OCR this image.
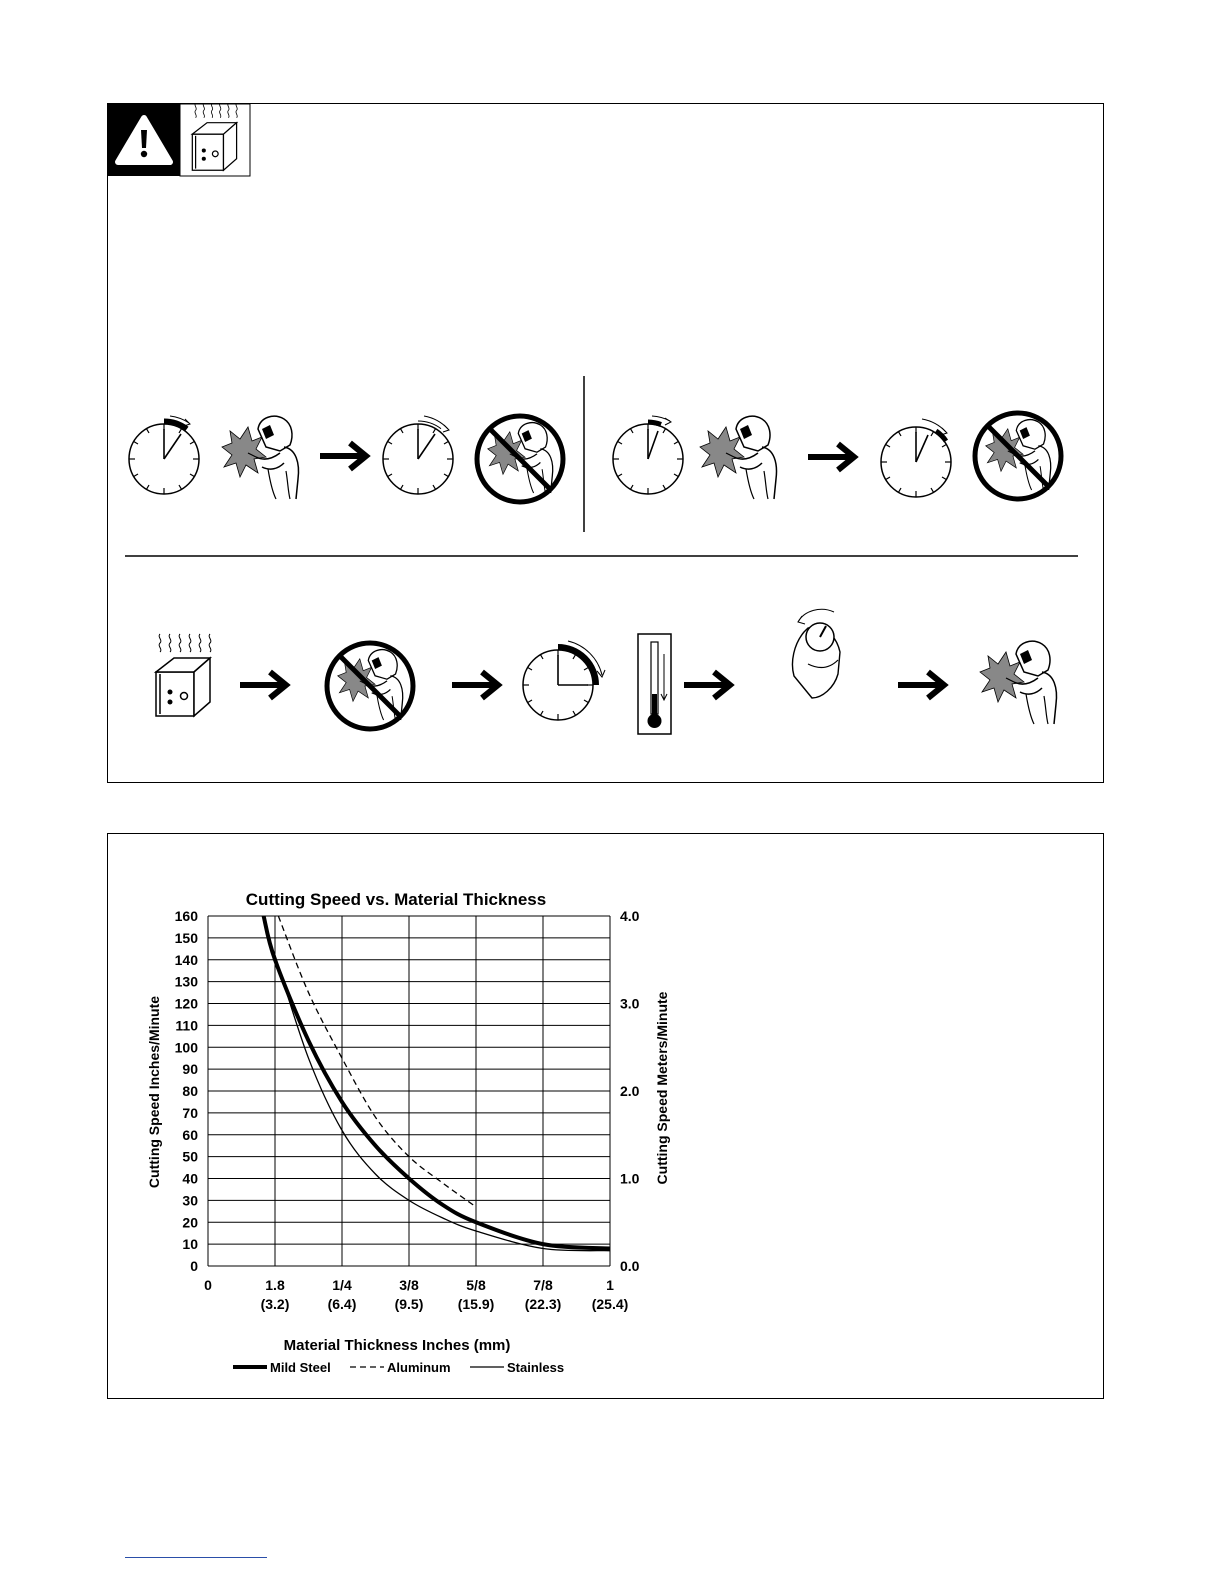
Cutting Speed vs. Material Thickness
Cutting Speed Inches/Minute	Cutting Speed Meters/Minute
Material Thickness Inches (mm)
0
10
20
30
40
50
60
70
80
90
100
110
120
130
140
150
160
0	1.8
(3.2)
1/4
(6.4)
3/8
(9.5)
5/8
(15.9)
7/8
(22.3)
1
(25.4)
0.0
1.0
2.0
3.0
4.0
Mild Steel	Aluminum	Stainless
